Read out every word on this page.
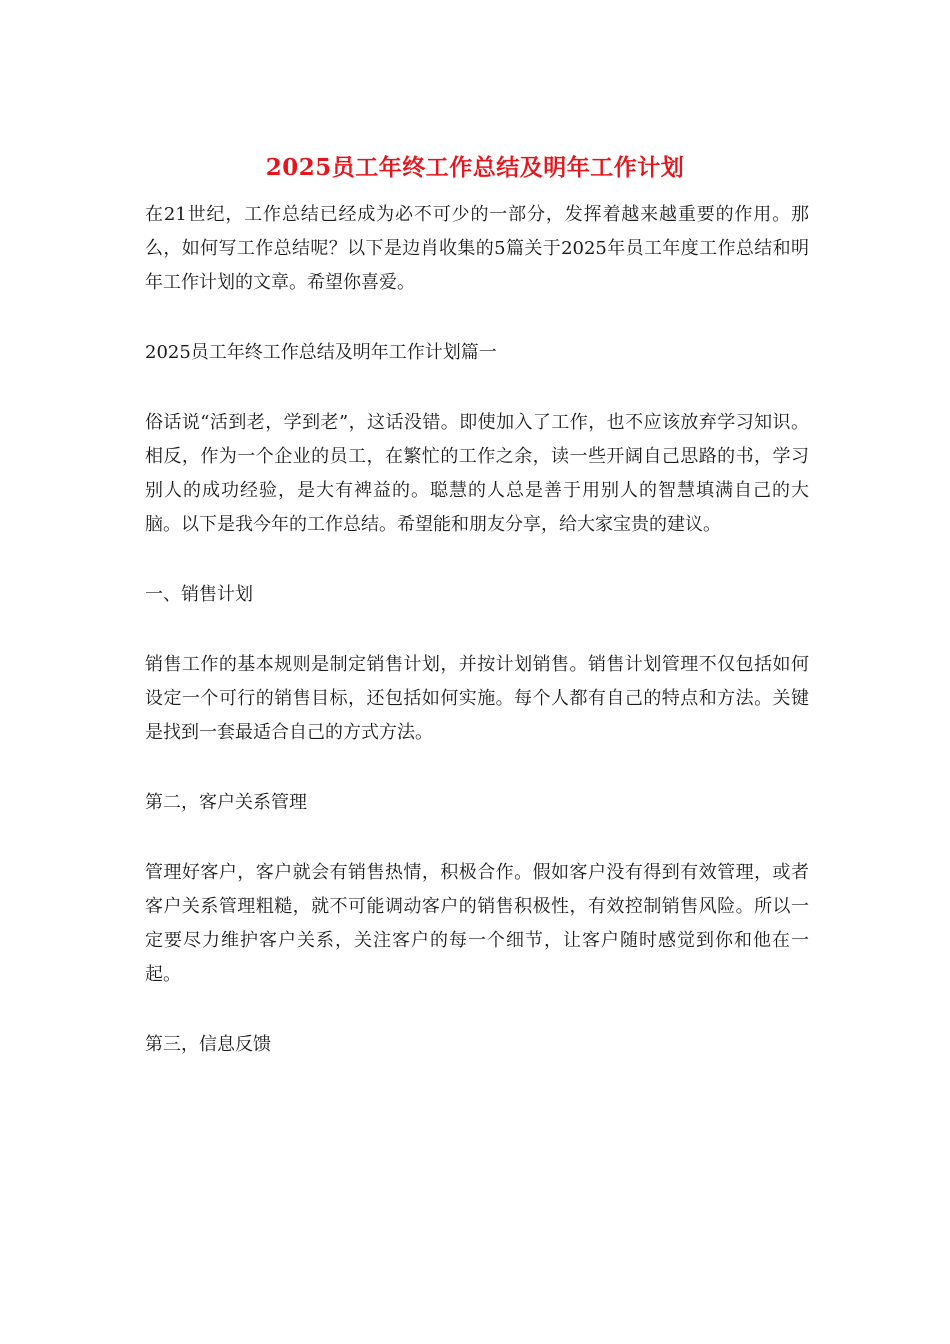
2025员工年终工作总结及明年工作计划

在21世纪，工作总结已经成为必不可少的一部分，发挥着越来越重要的作用。那么，如何写工作总结呢？以下是边肖收集的5篇关于2025年员工年度工作总结和明年工作计划的文章。希望你喜爱。

2025员工年终工作总结及明年工作计划篇一

俗话说“活到老，学到老”，这话没错。即使加入了工作，也不应该放弃学习知识。相反，作为一个企业的员工，在繁忙的工作之余，读一些开阔自己思路的书，学习别人的成功经验，是大有裨益的。聪慧的人总是善于用别人的智慧填满自己的大脑。以下是我今年的工作总结。希望能和朋友分享，给大家宝贵的建议。

一、销售计划

销售工作的基本规则是制定销售计划，并按计划销售。销售计划管理不仅包括如何设定一个可行的销售目标，还包括如何实施。每个人都有自己的特点和方法。关键是找到一套最适合自己的方式方法。

第二，客户关系管理

管理好客户，客户就会有销售热情，积极合作。假如客户没有得到有效管理，或者客户关系管理粗糙，就不可能调动客户的销售积极性，有效控制销售风险。所以一定要尽力维护客户关系，关注客户的每一个细节，让客户随时感觉到你和他在一起。

第三，信息反馈
